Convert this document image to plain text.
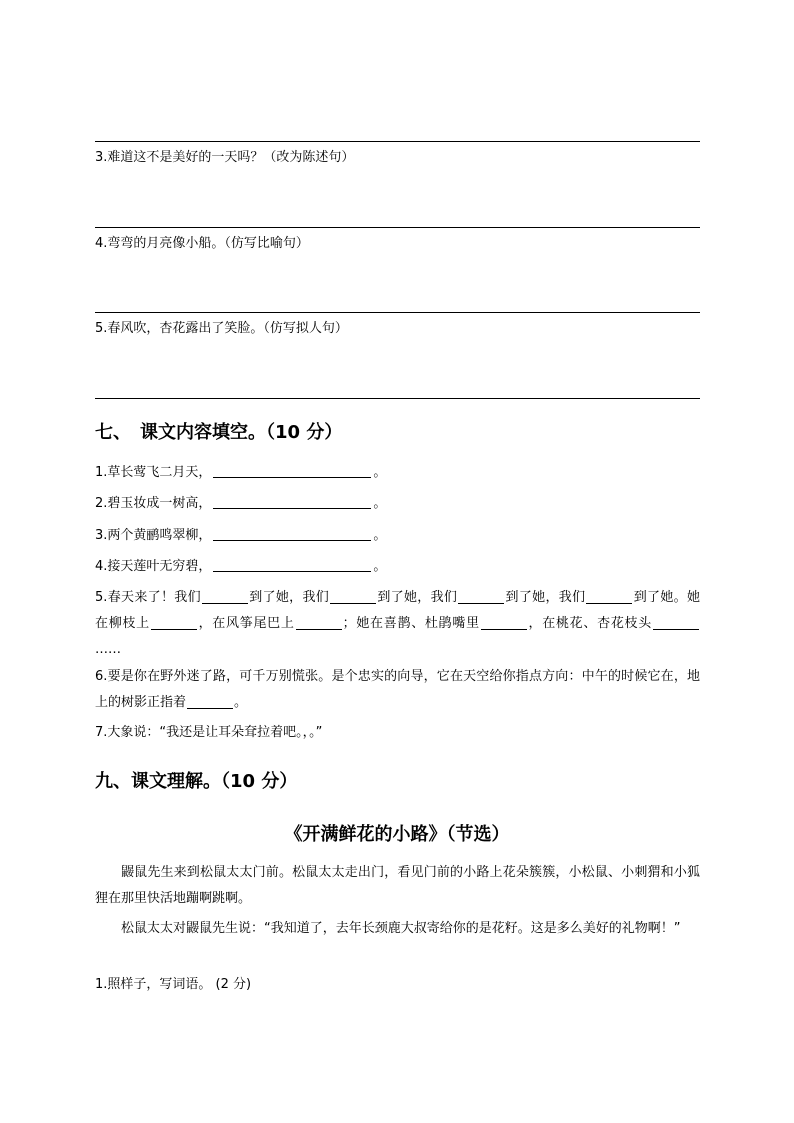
3.难道这不是美好的一天吗？（改为陈述句）
4.弯弯的月亮像小船。（仿写比喻句）
5.春风吹，杏花露出了笑脸。（仿写拟人句）
七、　课文内容填空。（10 分）
1.草长莺飞二月天，	。
2.碧玉妆成一树高，	。
3.两个黄鹂鸣翠柳，	。
4.接天莲叶无穷碧，	。
5.春天来了！我们	到了她，我们	到了她，我们	到了她，我们	到了她。她在柳枝上	，在风筝尾巴上	；她在喜鹊、杜鹃嘴里	，在桃花、杏花枝头……
6.要是你在野外迷了路，可千万别慌张。是个忠实的向导，它在天空给你指点方向：中午的时候它在，地上的树影正指着	。
7.大象说：“我还是让耳朵耷拉着吧。，。”
九、课文理解。（10 分）
《开满鲜花的小路》（节选）
鼹鼠先生来到松鼠太太门前。松鼠太太走出门，看见门前的小路上花朵簇簇，小松鼠、小刺猬和小狐狸在那里快活地蹦啊跳啊。
松鼠太太对鼹鼠先生说：“我知道了，去年长颈鹿大叔寄给你的是花籽。这是多么美好的礼物啊！”
1.照样子，写词语。 (2 分)
